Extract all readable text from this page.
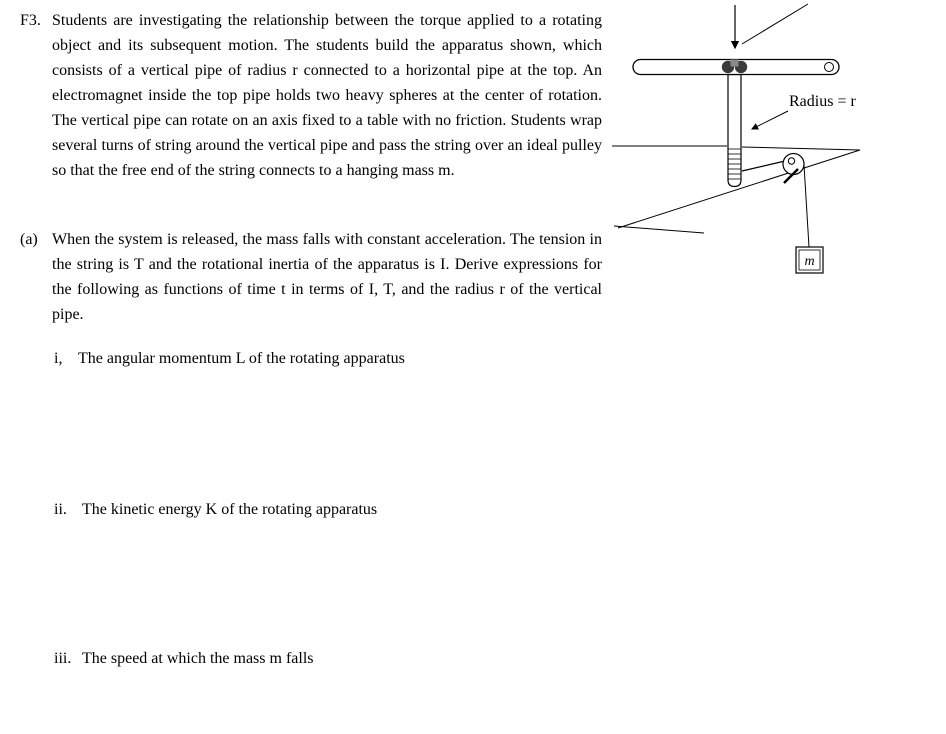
F3. Students are investigating the relationship between the torque applied to a rotating object and its subsequent motion. The students build the apparatus shown, which consists of a vertical pipe of radius r connected to a horizontal pipe at the top. An electromagnet inside the top pipe holds two heavy spheres at the center of rotation. The vertical pipe can rotate on an axis fixed to a table with no friction. Students wrap several turns of string around the vertical pipe and pass the string over an ideal pulley so that the free end of the string connects to a hanging mass m.
(a) When the system is released, the mass falls with constant acceleration. The tension in the string is T and the rotational inertia of the apparatus is I. Derive expressions for the following as functions of time t in terms of I, T, and the radius r of the vertical pipe.
i, The angular momentum L of the rotating apparatus
ii. The kinetic energy K of the rotating apparatus
iii. The speed at which the mass m falls
m
Radius = r
